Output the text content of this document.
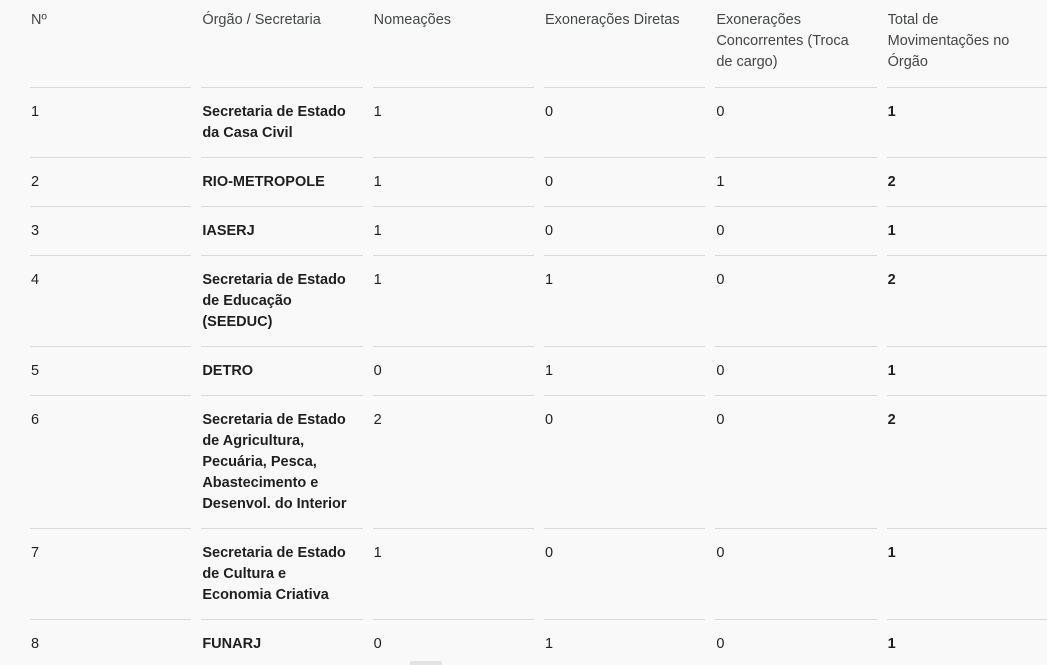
Nº	Órgão / Secretaria	Nomeações	Exonerações Diretas	Exonerações Concorrentes (Troca de cargo)	Total de Movimentações no Órgão
1	Secretaria de Estado da Casa Civil	1	0	0	1
2	RIO-METROPOLE	1	0	1	2
3	IASERJ	1	0	0	1
4	Secretaria de Estado de Educação (SEEDUC)	1	1	0	2
5	DETRO	0	1	0	1
6	Secretaria de Estado de Agricultura, Pecuária, Pesca, Abastecimento e Desenvol. do Interior	2	0	0	2
7	Secretaria de Estado de Cultura e Economia Criativa	1	0	0	1
8	FUNARJ	0	1	0	1
